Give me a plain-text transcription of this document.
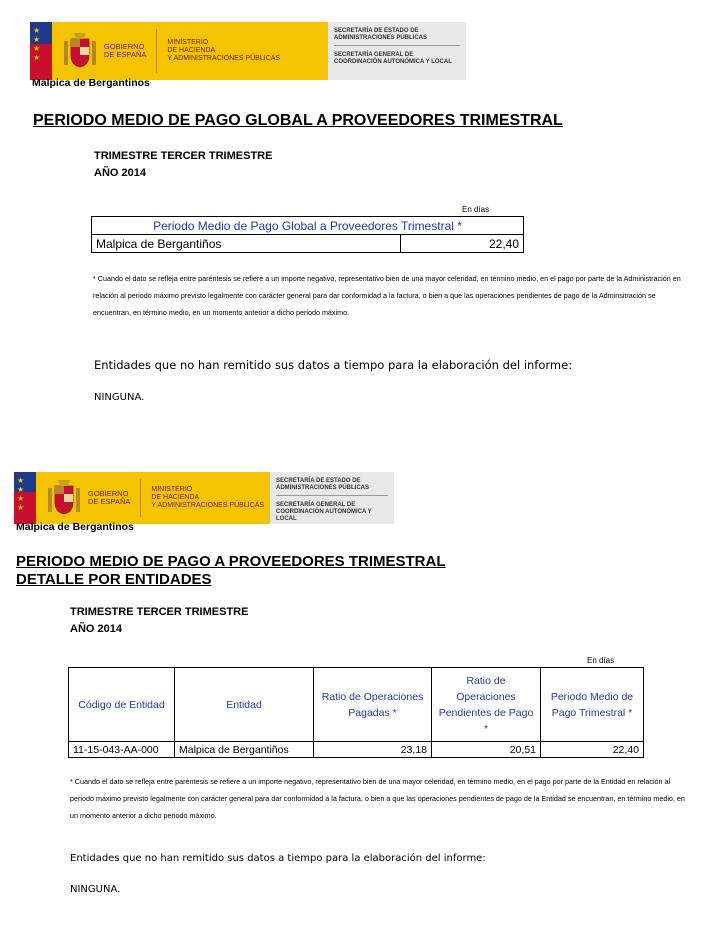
★
★
★
★
GOBIERNO
DE ESPAÑA
MINISTERIO
DE HACIENDA
Y ADMINISTRACIONES PÚBLICAS
SECRETARÍA DE ESTADO DE ADMINISTRACIONES PÚBLICAS
SECRETARÍA GENERAL DE COORDINACIÓN AUTONÓMICA Y LOCAL
Malpica de Bergantinos
PERIODO MEDIO DE PAGO GLOBAL A PROVEEDORES TRIMESTRAL
TRIMESTRE TERCER TRIMESTRE
AÑO 2014
En días
Periodo Medio de Pago Global a Proveedores Trimestral *
Malpica de Bergantiños	22,40
* Cuando el dato se refleja entre paréntesis se refiere a un importe negativo, representativo bien de una mayor celeridad, en término medio, en el pago por parte de la Administración en relación al periodo máximo previsto legalmente con carácter general para dar conformidad a la factura, o bien a que las operaciones pendientes de pago de la Adminsitración se encuentran, en término medio, en un momento anterior a dicho periodo máximo.
Entidades que no han remitido sus datos a tiempo para la elaboración del informe:
NINGUNA.
★
★
★
★
GOBIERNO
DE ESPAÑA
MINISTERIO
DE HACIENDA
Y ADMINISTRACIONES PÚBLICAS
SECRETARÍA DE ESTADO DE ADMINISTRACIONES PÚBLICAS
SECRETARÍA GENERAL DE COORDINACIÓN AUTONÓMICA Y LOCAL
Malpica de Bergantinos
PERIODO MEDIO DE PAGO A PROVEEDORES TRIMESTRAL
DETALLE POR ENTIDADES
TRIMESTRE TERCER TRIMESTRE
AÑO 2014
En días
Código de Entidad	Entidad	Ratio de Operaciones Pagadas *	Ratio de Operaciones Pendientes de Pago *	Periodo Medio de Pago Trimestral *
11-15-043-AA-000	Malpica de Bergantiños	23,18	20,51	22,40
* Cuando el dato se refleja entre paréntesis se refiere a un importe negativo, representativo bien de una mayor celeridad, en término medio, en el pago por parte de la Entidad en relación al periodo máximo previsto legalmente con carácter general para dar conformidad a la factura, o bien a que las operaciones pendientes de pago de la Entidad se encuentran, en término medio, en un momento anterior a dicho periodo máximo.
Entidades que no han remitido sus datos a tiempo para la elaboración del informe:
NINGUNA.
